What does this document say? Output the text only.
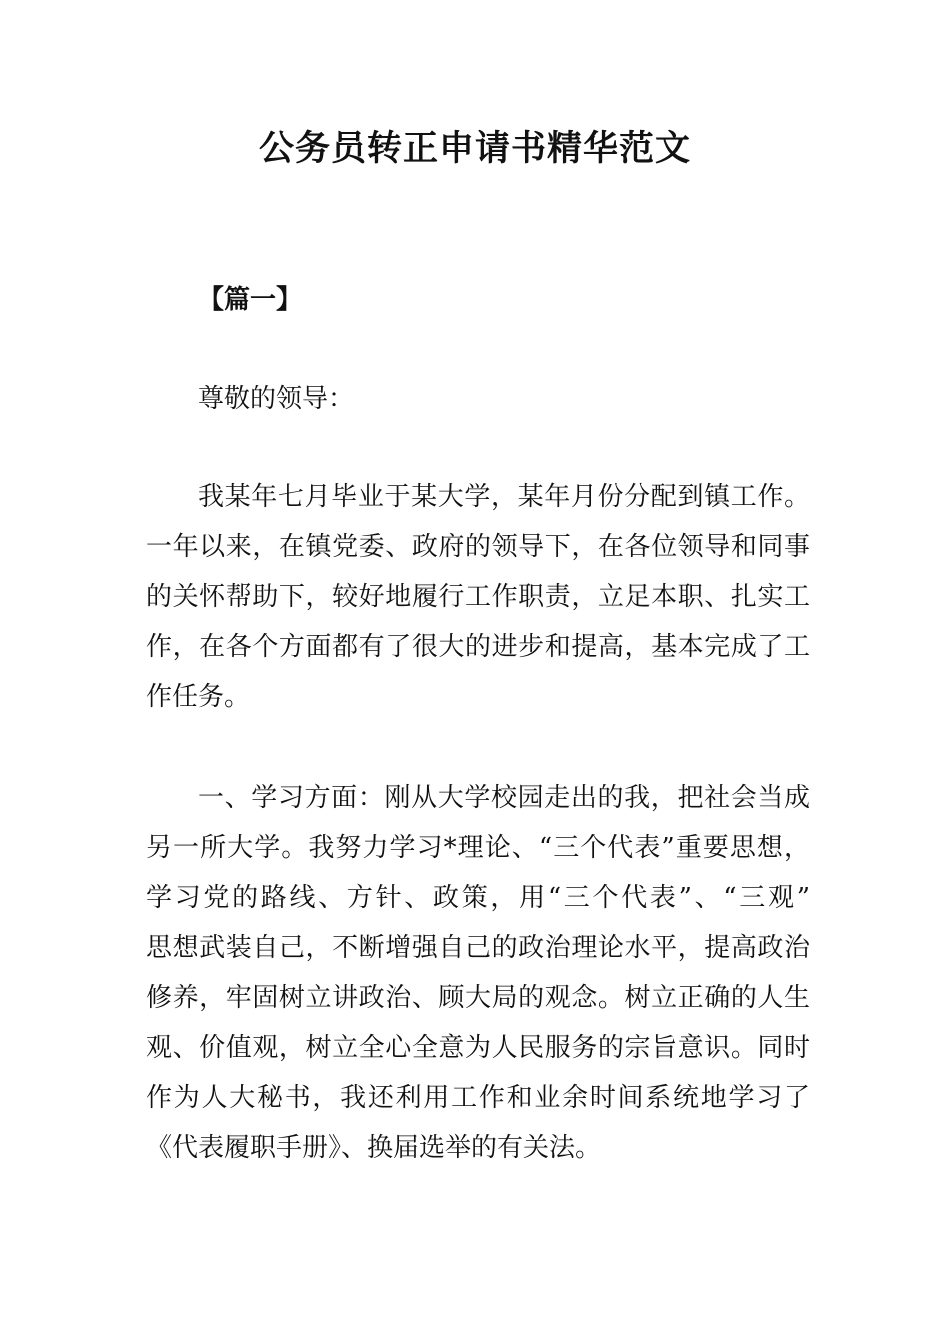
公务员转正申请书精华范文

【篇一】

尊敬的领导：

我某年七月毕业于某大学，某年月份分配到镇工作。

一年以来，在镇党委、政府的领导下，在各位领导和同事

的关怀帮助下，较好地履行工作职责，立足本职、扎实工

作，在各个方面都有了很大的进步和提高，基本完成了工

作任务。

一、学习方面：刚从大学校园走出的我，把社会当成

另一所大学。我努力学习*理论、“三个代表”重要思想，

学习党的路线、方针、政策，用“三个代表”、“三观”

思想武装自己，不断增强自己的政治理论水平，提高政治

修养，牢固树立讲政治、顾大局的观念。树立正确的人生

观、价值观，树立全心全意为人民服务的宗旨意识。同时

作为人大秘书，我还利用工作和业余时间系统地学习了

《代表履职手册》、换届选举的有关法。
